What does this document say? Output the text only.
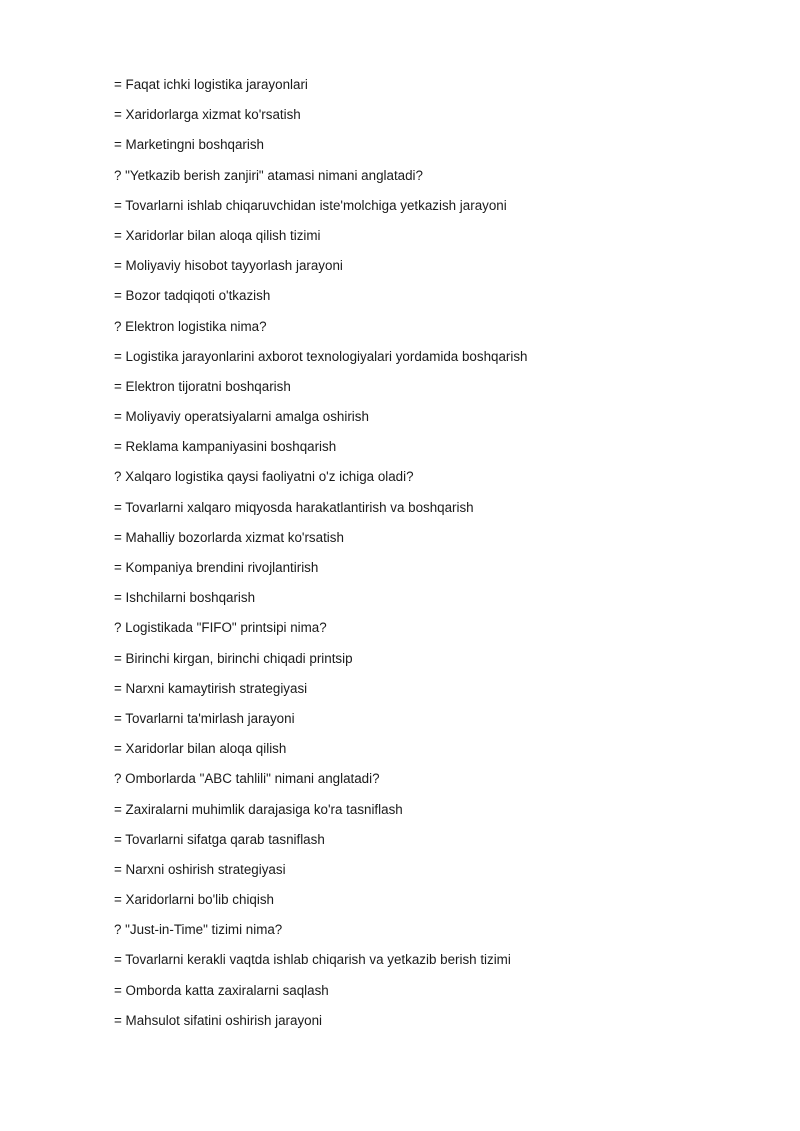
= Faqat ichki logistika jarayonlari
= Xaridorlarga xizmat ko'rsatish
= Marketingni boshqarish
? "Yetkazib berish zanjiri" atamasi nimani anglatadi?
= Tovarlarni ishlab chiqaruvchidan iste'molchiga yetkazish jarayoni
= Xaridorlar bilan aloqa qilish tizimi
= Moliyaviy hisobot tayyorlash jarayoni
= Bozor tadqiqoti o'tkazish
? Elektron logistika nima?
= Logistika jarayonlarini axborot texnologiyalari yordamida boshqarish
= Elektron tijoratni boshqarish
= Moliyaviy operatsiyalarni amalga oshirish
= Reklama kampaniyasini boshqarish
? Xalqaro logistika qaysi faoliyatni o'z ichiga oladi?
= Tovarlarni xalqaro miqyosda harakatlantirish va boshqarish
= Mahalliy bozorlarda xizmat ko'rsatish
= Kompaniya brendini rivojlantirish
= Ishchilarni boshqarish
? Logistikada "FIFO" printsipi nima?
= Birinchi kirgan, birinchi chiqadi printsip
= Narxni kamaytirish strategiyasi
= Tovarlarni ta'mirlash jarayoni
= Xaridorlar bilan aloqa qilish
? Omborlarda "ABC tahlili" nimani anglatadi?
= Zaxiralarni muhimlik darajasiga ko'ra tasniflash
= Tovarlarni sifatga qarab tasniflash
= Narxni oshirish strategiyasi
= Xaridorlarni bo'lib chiqish
? "Just-in-Time" tizimi nima?
= Tovarlarni kerakli vaqtda ishlab chiqarish va yetkazib berish tizimi
= Omborda katta zaxiralarni saqlash
= Mahsulot sifatini oshirish jarayoni
